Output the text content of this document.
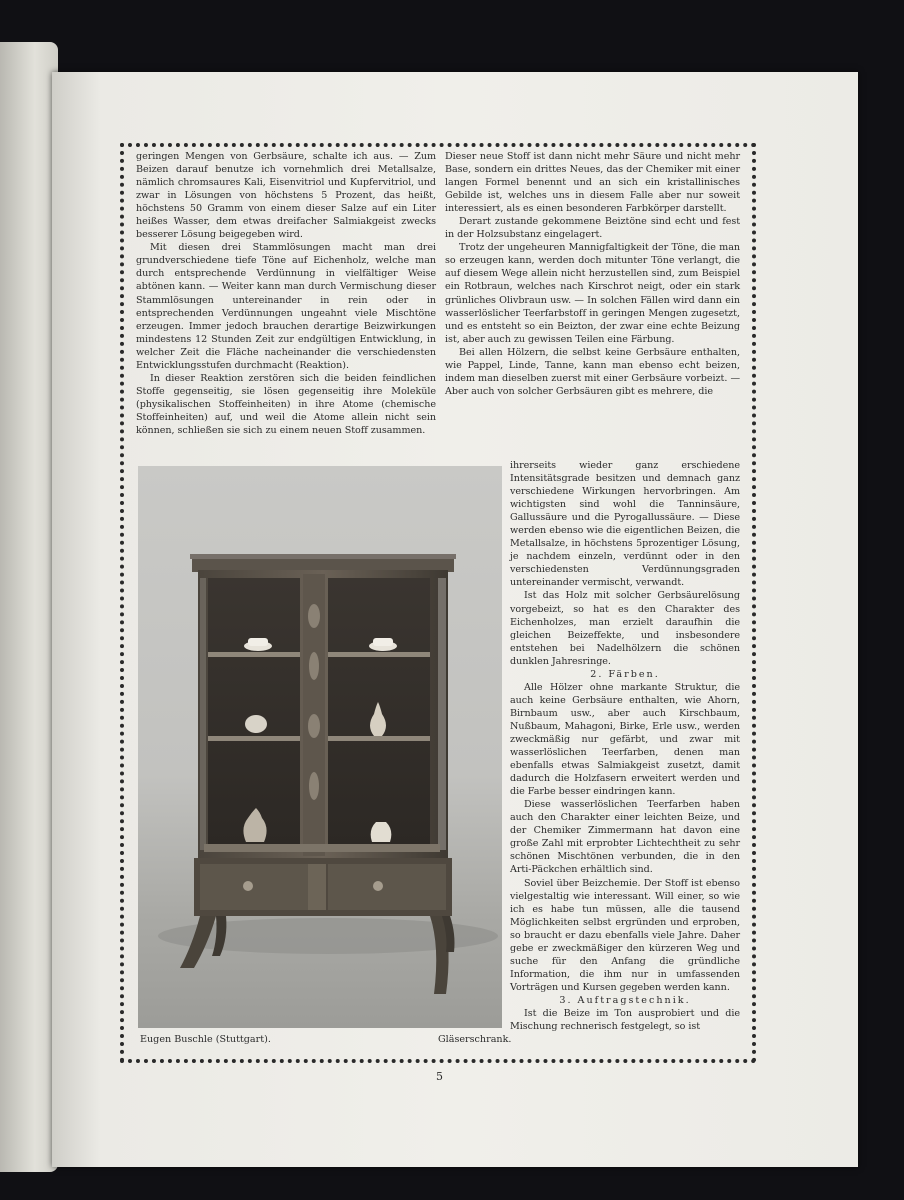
geringen Mengen von Gerbsäure, schalte ich aus. — Zum Beizen darauf benutze ich vornehmlich drei Metallsalze, nämlich chromsaures Kali, Eisenvitriol und Kupfervitriol, und zwar in Lösungen von höchstens 5 Prozent, das heißt, höchstens 50 Gramm von einem dieser Salze auf ein Liter heißes Wasser, dem etwas dreifacher Salmiakgeist zwecks besserer Lösung beigegeben wird.

Mit diesen drei Stammlösungen macht man drei grundverschiedene tiefe Töne auf Eichenholz, welche man durch entsprechende Verdünnung in vielfältiger Weise abtönen kann. — Weiter kann man durch Vermischung dieser Stammlösungen untereinander in rein oder in entsprechenden Verdünnungen ungeahnt viele Mischtöne erzeugen. Immer jedoch brauchen derartige Beizwirkungen mindestens 12 Stunden Zeit zur endgültigen Entwicklung, in welcher Zeit die Fläche nacheinander die verschiedensten Entwicklungsstufen durchmacht (Reaktion).

In dieser Reaktion zerstören sich die beiden feindlichen Stoffe gegenseitig, sie lösen gegenseitig ihre Moleküle (physikalischen Stoffeinheiten) in ihre Atome (chemische Stoffeinheiten) auf, und weil die Atome allein nicht sein können, schließen sie sich zu einem neuen Stoff zusammen.

Dieser neue Stoff ist dann nicht mehr Säure und nicht mehr Base, sondern ein drittes Neues, das der Chemiker mit einer langen Formel benennt und an sich ein kristallinisches Gebilde ist, welches uns in diesem Falle aber nur soweit interessiert, als es einen besonderen Farbkörper darstellt.

Derart zustande gekommene Beiztöne sind echt und fest in der Holzsubstanz eingelagert.

Trotz der ungeheuren Mannigfaltigkeit der Töne, die man so erzeugen kann, werden doch mitunter Töne verlangt, die auf diesem Wege allein nicht herzustellen sind, zum Beispiel ein Rotbraun, welches nach Kirschrot neigt, oder ein stark grünliches Olivbraun usw. — In solchen Fällen wird dann ein wasserlöslicher Teerfarbstoff in geringen Mengen zugesetzt, und es entsteht so ein Beizton, der zwar eine echte Beizung ist, aber auch zu gewissen Teilen eine Färbung.

Bei allen Hölzern, die selbst keine Gerbsäure enthalten, wie Pappel, Linde, Tanne, kann man ebenso echt beizen, indem man dieselben zuerst mit einer Gerbsäure vorbeizt. — Aber auch von solcher Gerbsäuren gibt es mehrere, die

ihrerseits wieder ganz erschiedene Intensitätsgrade besitzen und demnach ganz verschiedene Wirkungen hervorbringen. Am wichtigsten sind wohl die Tanninsäure, Gallussäure und die Pyrogallussäure. — Diese werden ebenso wie die eigentlichen Beizen, die Metallsalze, in höchstens 5prozentiger Lösung, je nachdem einzeln, verdünnt oder in den verschiedensten Verdünnungsgraden untereinander vermischt, verwandt.

Ist das Holz mit solcher Gerbsäurelösung vorgebeizt, so hat es den Charakter des Eichenholzes, man erzielt daraufhin die gleichen Beizeffekte, und insbesondere entstehen bei Nadelhölzern die schönen dunklen Jahresringe.

2. Färben.

Alle Hölzer ohne markante Struktur, die auch keine Gerbsäure enthalten, wie Ahorn, Birnbaum usw., aber auch Kirschbaum, Nußbaum, Mahagoni, Birke, Erle usw., werden zweckmäßig nur gefärbt, und zwar mit wasserlöslichen Teerfarben, denen man ebenfalls etwas Salmiakgeist zusetzt, damit dadurch die Holzfasern erweitert werden und die Farbe besser eindringen kann.

Diese wasserlöslichen Teerfarben haben auch den Charakter einer leichten Beize, und der Chemiker Zimmermann hat davon eine große Zahl mit erprobter Lichtechtheit zu sehr schönen Mischtönen verbunden, die in den Arti-Päckchen erhältlich sind.

Soviel über Beizchemie. Der Stoff ist ebenso vielgestaltig wie interessant. Will einer, so wie ich es habe tun müssen, alle die tausend Möglichkeiten selbst ergründen und erproben, so braucht er dazu ebenfalls viele Jahre. Daher gebe er zweckmäßiger den kürzeren Weg und suche für den Anfang die gründliche Information, die ihm nur in umfassenden Vorträgen und Kursen gegeben werden kann.

3. Auftragstechnik.

Ist die Beize im Ton ausprobiert und die Mischung rechnerisch festgelegt, so ist

Eugen Buschle (Stuttgart).	Gläserschrank.
5
